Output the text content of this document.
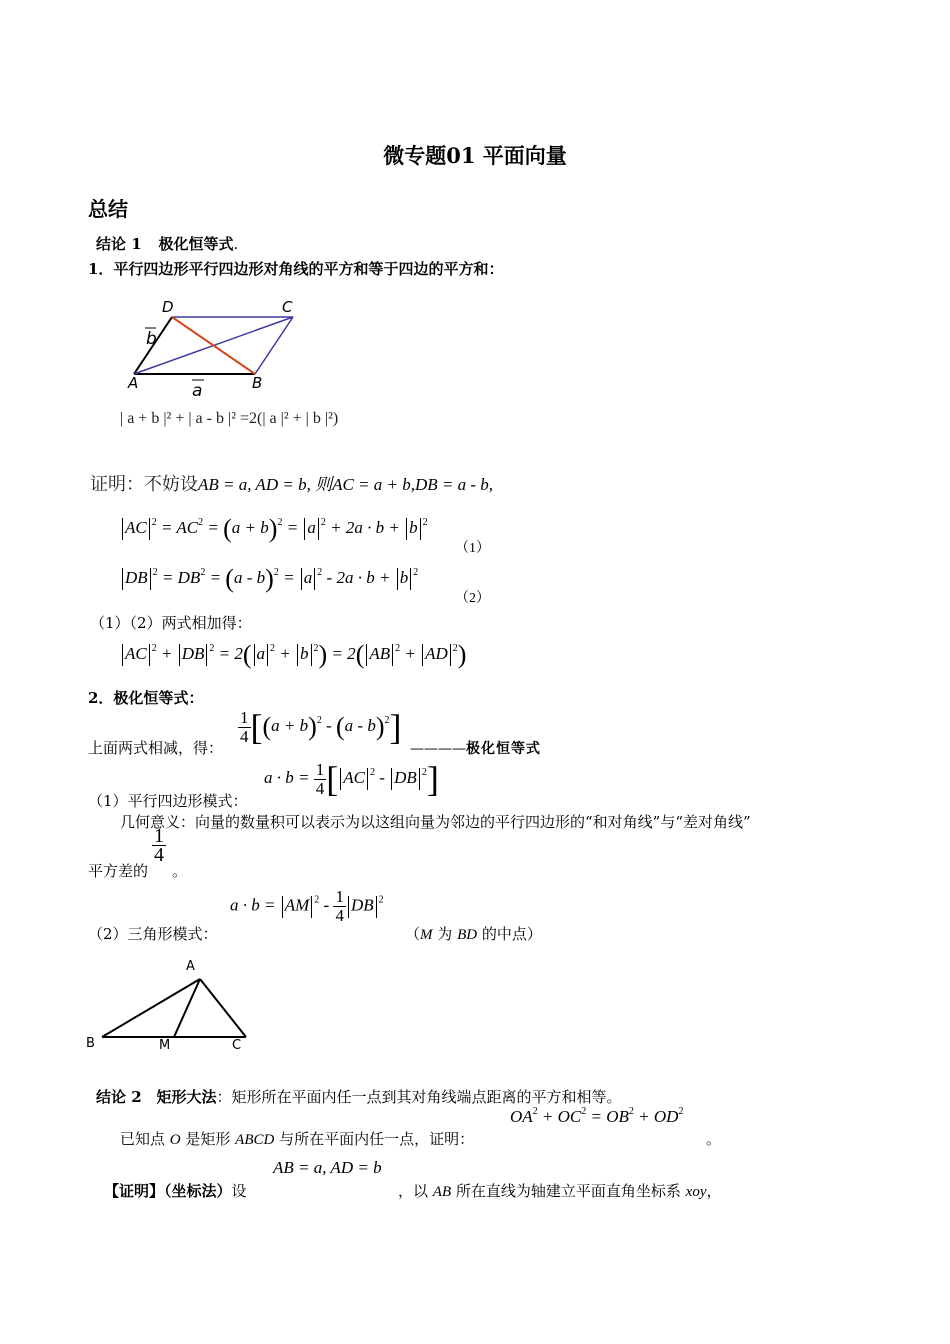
微专题01 平面向量
总结
结论 1 极化恒等式.
1．平行四边形平行四边形对角线的平方和等于四边的平方和：
A	B
C
D
a
b
| a + b |² + | a - b |² =2(| a |² + | b |²)
证明：不妨设AB = a, AD = b, 则AC = a + b,DB = a - b,
AC $^2 = AC^2 = (a + b)^2 = a$ $^2$ + 2a · b + b $^2$
（1）
DB $^2 = DB^2 = (a - b)^2 = a$ $^2$ - 2a · b + b $^2$
（2）
（1）（2）两式相加得：
AC $^2$ + DB $^2$ = 2( a $^2$ + b $^2$) = 2( AB $^2$ + AD $^2$)
2．极化恒等式：
$\frac{1}{4} [(a + b)^2 - (a - b)^2]$
上面两式相减，得：	————极化恒等式
$a \cdot b = \frac{1}{4}$ [ AC $^2$ - DB $^2$]
（1）平行四边形模式：
几何意义：向量的数量积可以表示为以这组向量为邻边的平行四边形的“和对角线”与“差对角线”
平方差的
$\frac{1}{4}$
。
a · b = AM $^2 - \frac{1}{4}$ DB $^2$
（2）三角形模式：	（M 为 BD 的中点）
A
B	M	C
结论 2 矩形大法：矩形所在平面内任一点到其对角线端点距离的平方和相等。
$OA^2 + OC^2 = OB^2 + OD^2$
已知点 O 是矩形 ABCD 与所在平面内任一点，证明：	。
AB = a, AD = b
【证明】（坐标法）设	，以 AB 所在直线为轴建立平面直角坐标系 xoy，
